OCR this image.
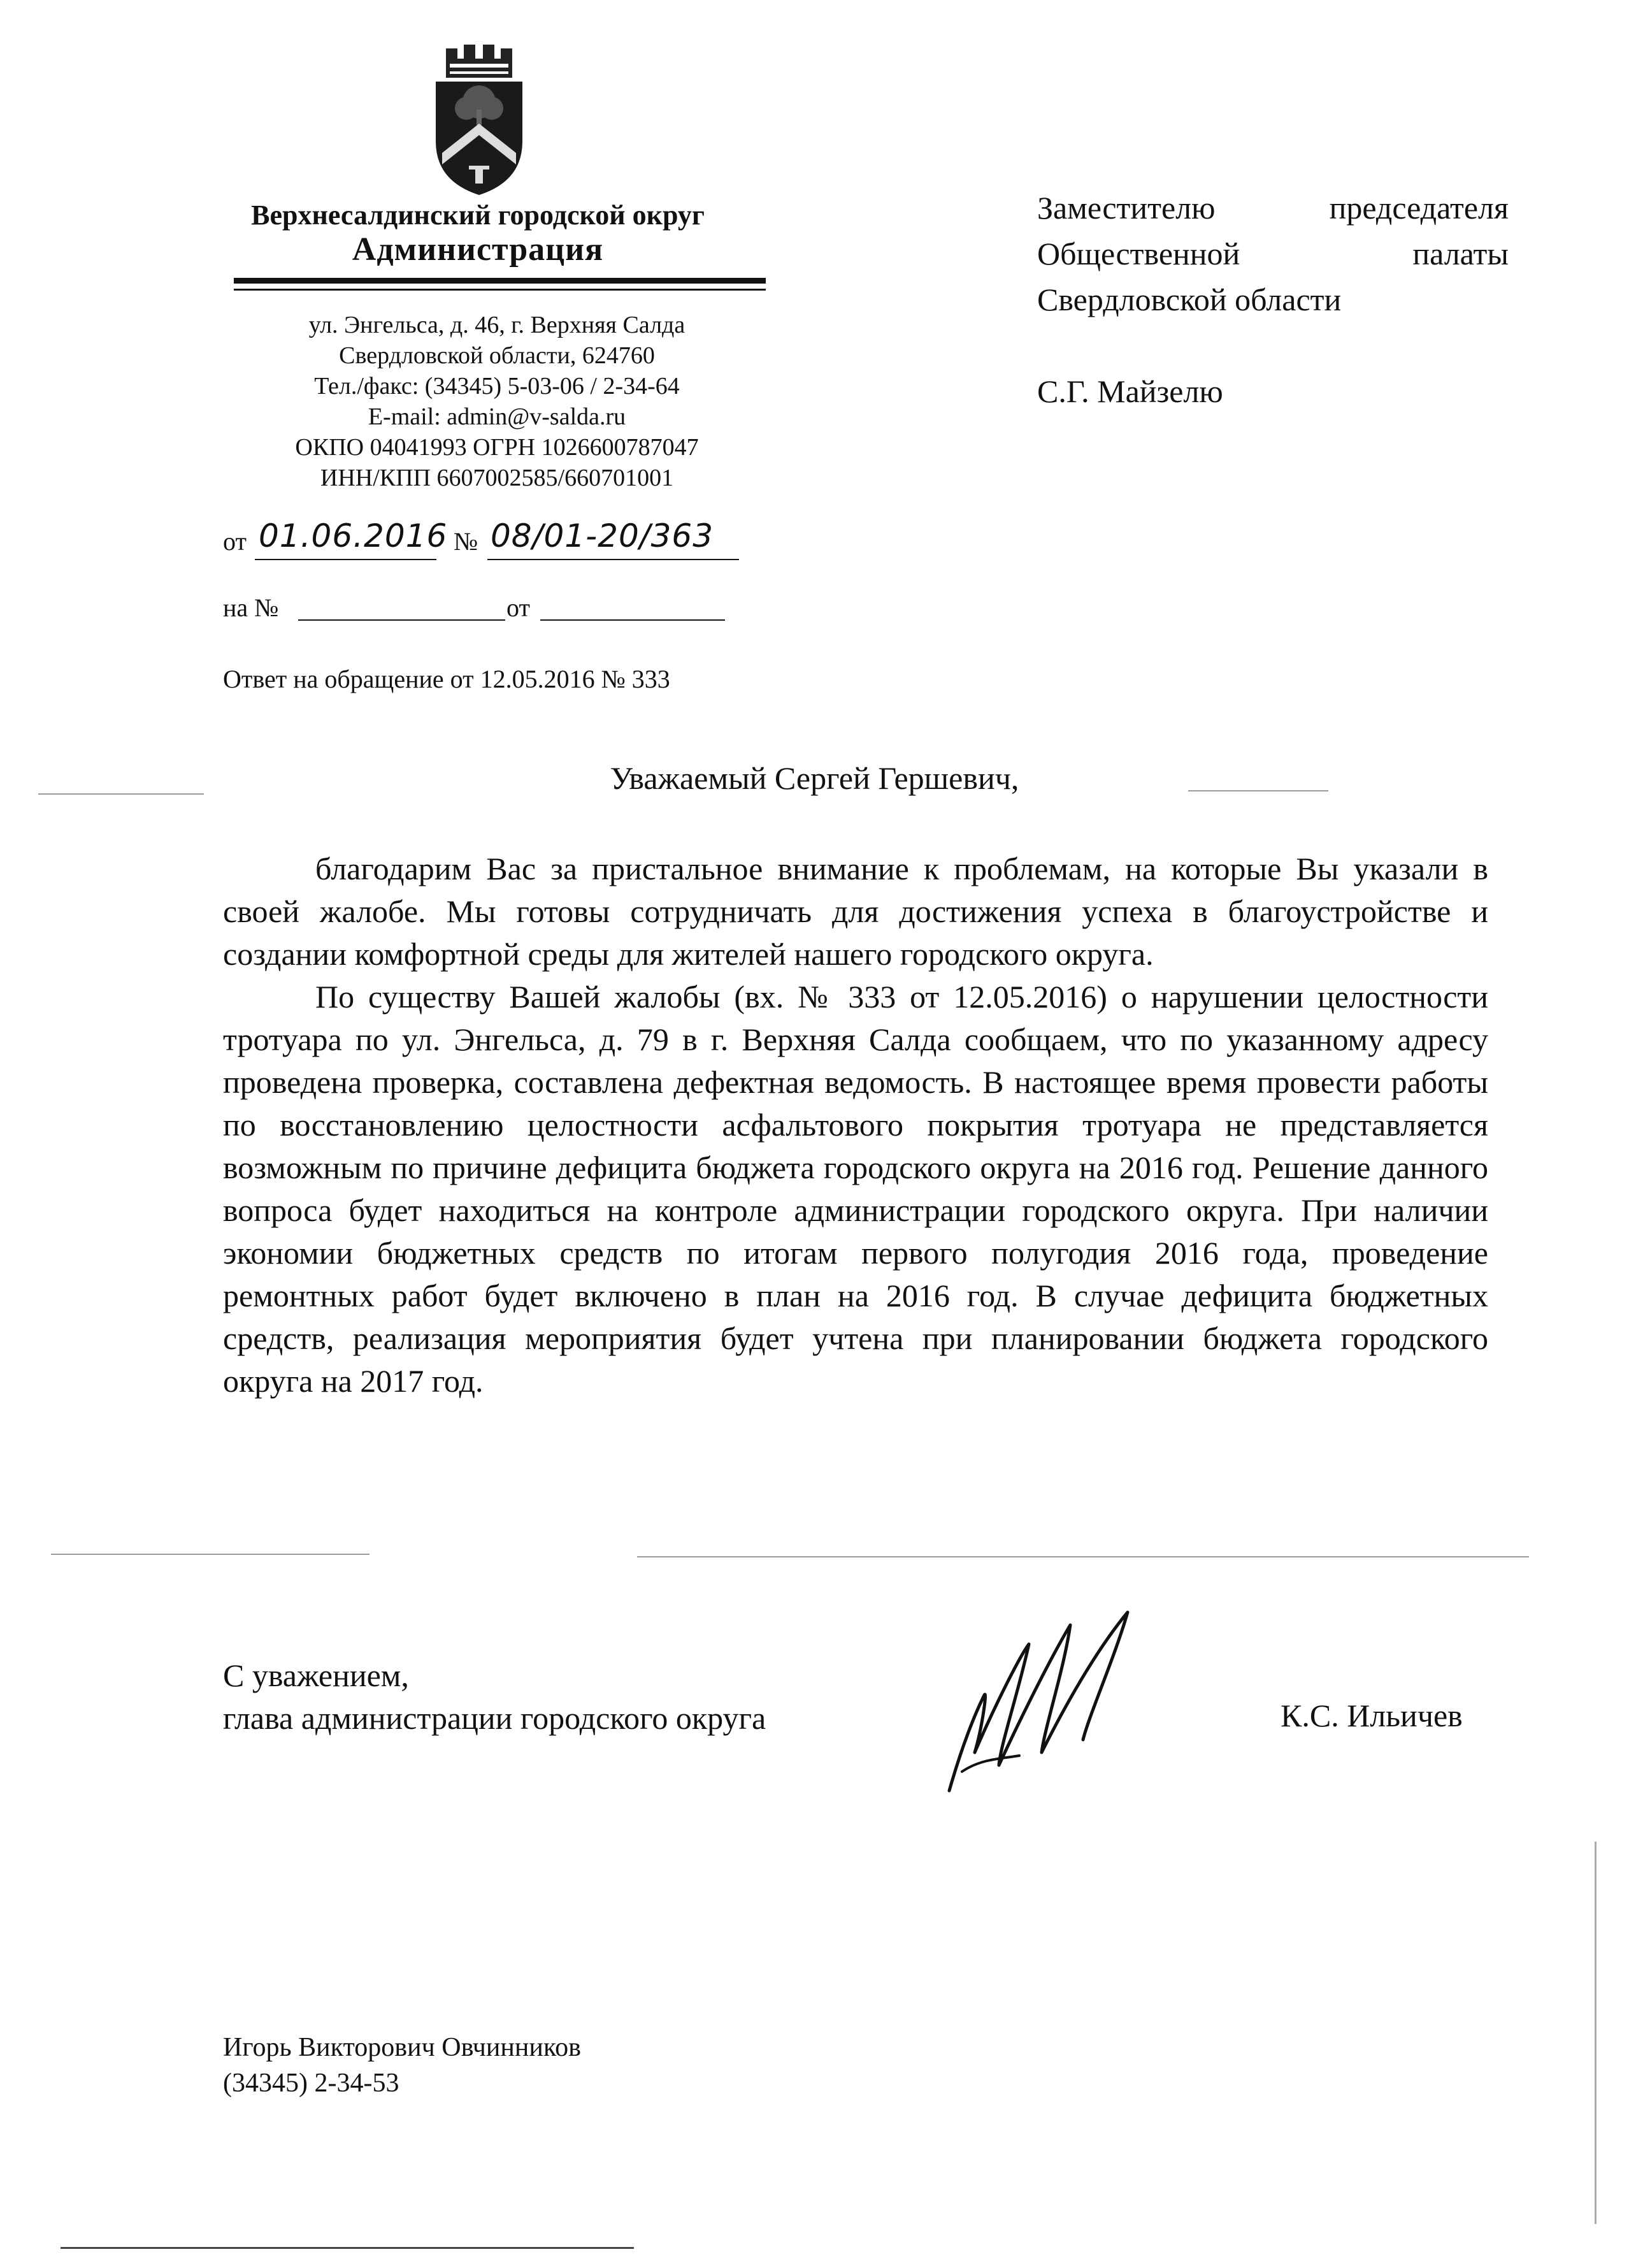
Верхнесалдинский городской округ
Администрация
ул. Энгельса, д. 46, г. Верхняя Салда
Свердловской области, 624760
Тел./факс: (34345) 5-03-06 / 2-34-64
E-mail: admin@v-salda.ru
ОКПО 04041993 ОГРН 1026600787047
ИНН/КПП 6607002585/660701001
от 01.06.2016 № 08/01-20/363
на №	от
Ответ на обращение от 12.05.2016 № 333
Заместителю	председателя
Общественной	палаты
Свердловской области
С.Г. Майзелю
Уважаемый Сергей Гершевич,

благодарим Вас за пристальное внимание к проблемам, на которые Вы указали в своей жалобе. Мы готовы сотрудничать для достижения успеха в благоустройстве и создании комфортной среды для жителей нашего городского округа.

По существу Вашей жалобы (вх. № 333 от 12.05.2016) о нарушении целостности тротуара по ул. Энгельса, д. 79 в г. Верхняя Салда сообщаем, что по указанному адресу проведена проверка, составлена дефектная ведомость. В настоящее время провести работы по восстановлению целостности асфальтового покрытия тротуара не представляется возможным по причине дефицита бюджета городского округа на 2016 год. Решение данного вопроса будет находиться на контроле администрации городского округа. При наличии экономии бюджетных средств по итогам первого полугодия 2016 года, проведение ремонтных работ будет включено в план на 2016 год. В случае дефицита бюджетных средств, реализация мероприятия будет учтена при планировании бюджета городского округа на 2017 год.

С уважением,
глава администрации городского округа	К.С. Ильичев
Игорь Викторович Овчинников
(34345) 2-34-53
